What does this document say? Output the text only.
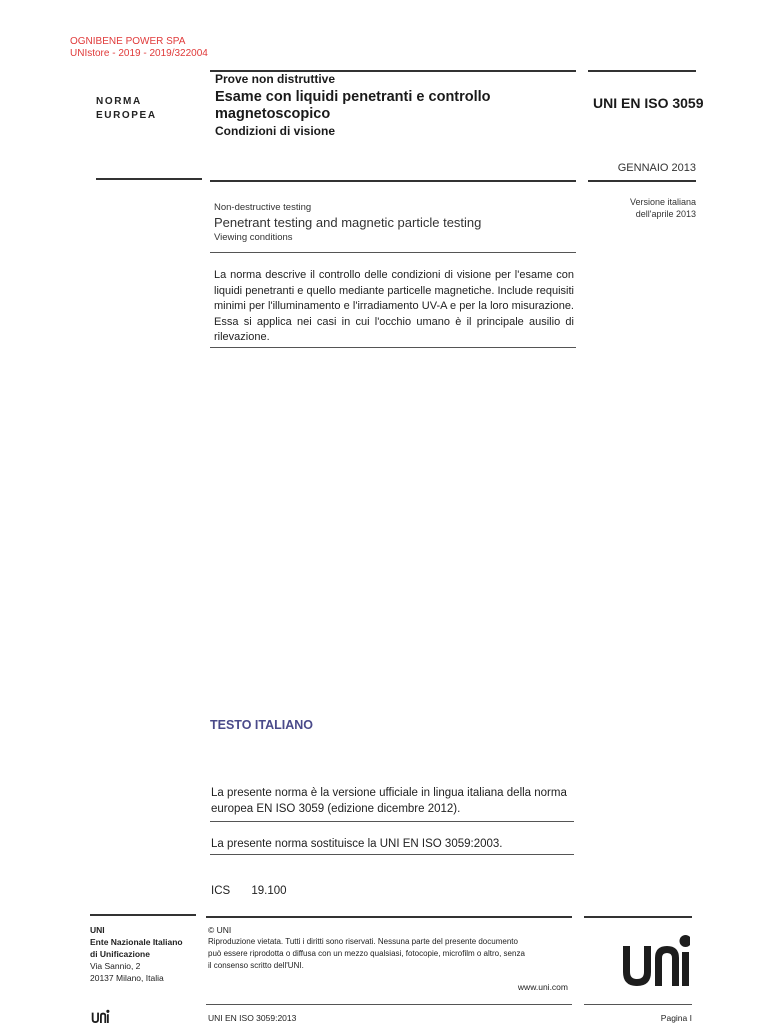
OGNIBENE POWER SPA
UNIstore - 2019 - 2019/322004
NORMA
EUROPEA
Prove non distruttive
Esame con liquidi penetranti e controllo
magnetoscopico
Condizioni di visione
UNI EN ISO 3059
GENNAIO 2013
Versione italiana
dell'aprile 2013
Non-destructive testing
Penetrant testing and magnetic particle testing
Viewing conditions
La norma descrive il controllo delle condizioni di visione per l'esame con liquidi penetranti e quello mediante particelle magnetiche. Include requisiti minimi per l'illuminamento e l'irradiamento UV-A e per la loro misurazione. Essa si applica nei casi in cui l'occhio umano è il principale ausilio di rilevazione.
TESTO ITALIANO
La presente norma è la versione ufficiale in lingua italiana della norma europea EN ISO 3059 (edizione dicembre 2012).
La presente norma sostituisce la UNI EN ISO 3059:2003.
ICS 19.100
UNI
Ente Nazionale Italiano
di Unificazione
Via Sannio, 2
20137 Milano, Italia
© UNI
Riproduzione vietata. Tutti i diritti sono riservati. Nessuna parte del presente documento
può essere riprodotta o diffusa con un mezzo qualsiasi, fotocopie, microfilm o altro, senza
il consenso scritto dell'UNI.
www.uni.com
UNI EN ISO 3059:2013	Pagina I
